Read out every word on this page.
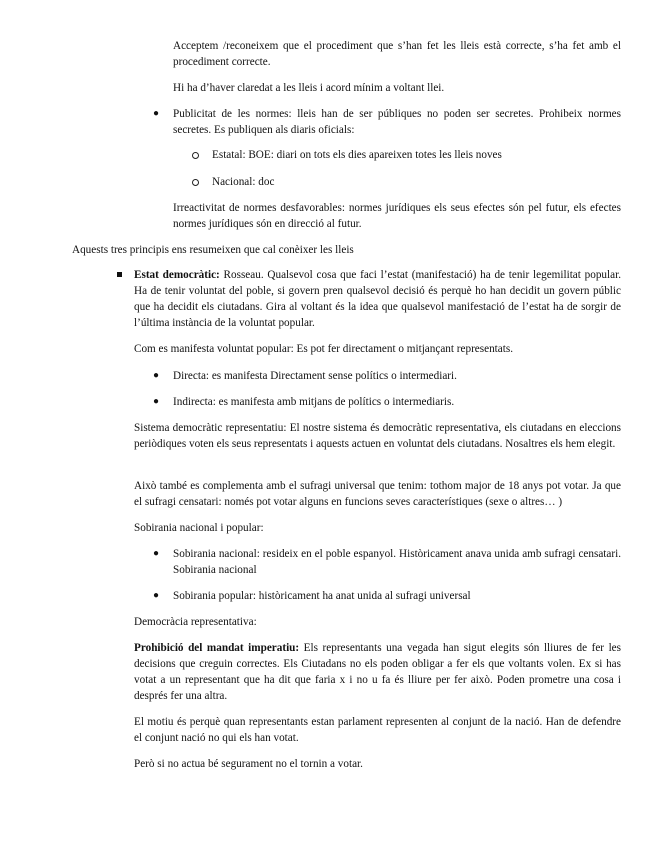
Acceptem /reconeixem que el procediment que s’han fet les lleis està correcte, s’ha fet amb el procediment correcte.

Hi ha d’haver claredat a les lleis i acord mínim a voltant llei.

● Publicitat de les normes: lleis han de ser públiques no poden ser secretes. Prohibeix normes secretes. Es publiquen als diaris oficials:

Estatal: BOE: diari on tots els dies apareixen totes les lleis noves

Nacional: doc

Irreactivitat de normes desfavorables: normes jurídiques els seus efectes són pel futur, els efectes normes jurídiques són en direcció al futur.

Aquests tres principis ens resumeixen que cal conèixer les lleis

Estat democràtic: Rosseau. Qualsevol cosa que faci l’estat (manifestació) ha de tenir legemilitat popular. Ha de tenir voluntat del poble, si govern pren qualsevol decisió és perquè ho han decidit un govern públic que ha decidit els ciutadans. Gira al voltant és la idea que qualsevol manifestació de l’estat ha de sorgir de l’última instància de la voluntat popular.

Com es manifesta voluntat popular: Es pot fer directament o mitjançant representats.

● Directa: es manifesta Directament sense polítics o intermediari.

● Indirecta: es manifesta amb mitjans de polítics o intermediaris.

Sistema democràtic representatiu: El nostre sistema és democràtic representativa, els ciutadans en eleccions periòdiques voten els seus representats i aquests actuen en voluntat dels ciutadans. Nosaltres els hem elegit.

Això també es complementa amb el sufragi universal que tenim: tothom major de 18 anys pot votar. Ja que el sufragi censatari: només pot votar alguns en funcions seves característiques (sexe o altres… )

Sobirania nacional i popular:

● Sobirania nacional: resideix en el poble espanyol. Històricament anava unida amb sufragi censatari. Sobirania nacional

● Sobirania popular: històricament ha anat unida al sufragi universal

Democràcia representativa:

Prohibició del mandat imperatiu: Els representants una vegada han sigut elegits són lliures de fer les decisions que creguin correctes. Els Ciutadans no els poden obligar a fer els que voltants volen. Ex si has votat a un representant que ha dit que faria x i no u fa és lliure per fer això. Poden prometre una cosa i després fer una altra.

El motiu és perquè quan representants estan parlament representen al conjunt de la nació. Han de defendre el conjunt nació no qui els han votat.

Però si no actua bé segurament no el tornin a votar.
